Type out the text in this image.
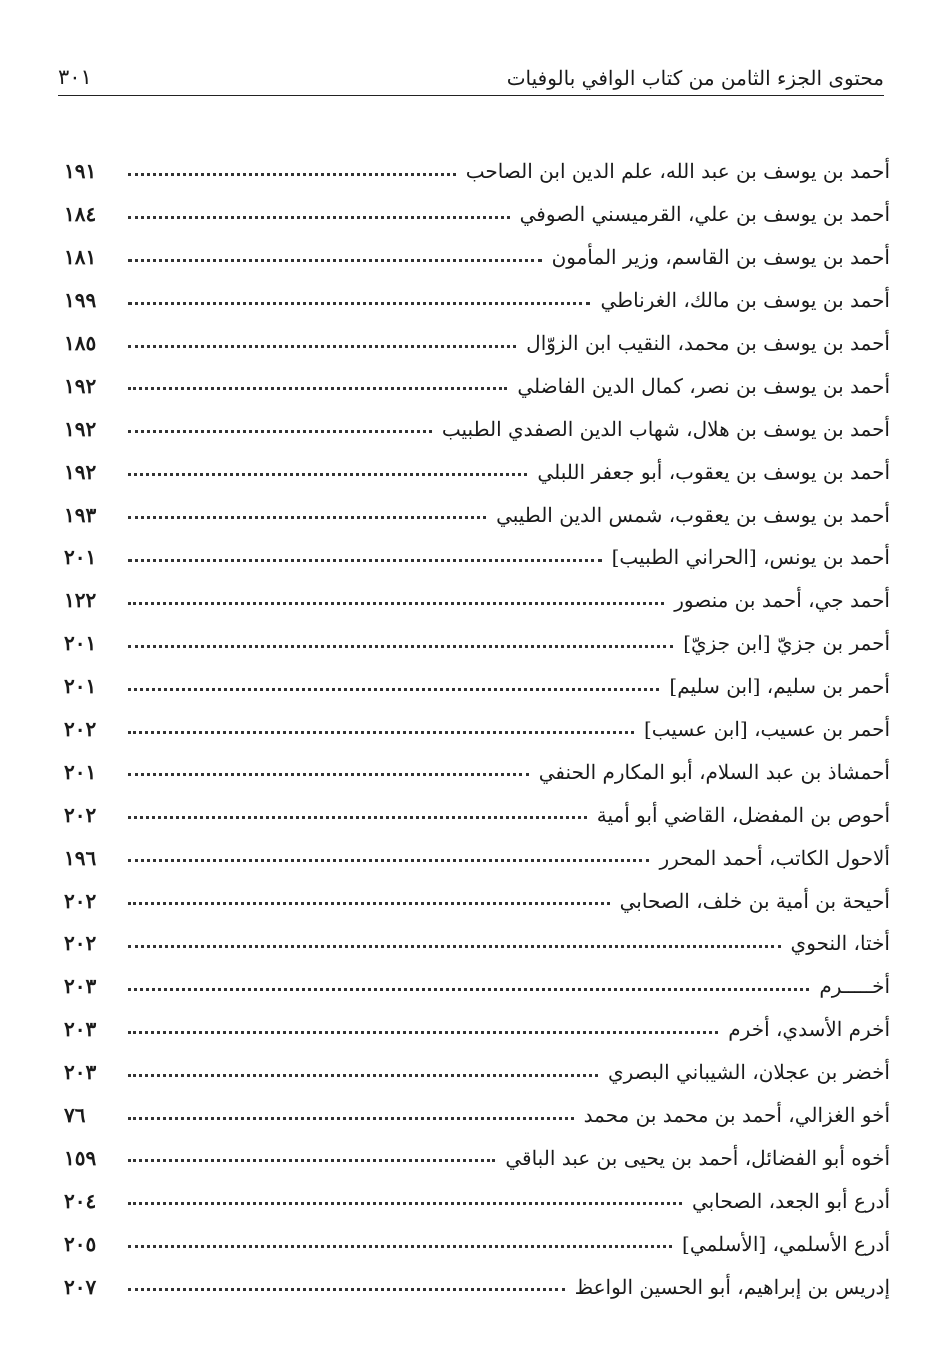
محتوى الجزء الثامن من كتاب الوافي بالوفيات
٣٠١
أحمد بن يوسف بن عبد الله، علم الدين ابن الصاحب
١٩١
أحمد بن يوسف بن علي، القرميسني الصوفي
١٨٤
أحمد بن يوسف بن القاسم، وزير المأمون
١٨١
أحمد بن يوسف بن مالك، الغرناطي
١٩٩
أحمد بن يوسف بن محمد، النقيب ابن الزوّال
١٨٥
أحمد بن يوسف بن نصر، كمال الدين الفاضلي
١٩٢
أحمد بن يوسف بن هلال، شهاب الدين الصفدي الطبيب
١٩٢
أحمد بن يوسف بن يعقوب، أبو جعفر اللبلي
١٩٢
أحمد بن يوسف بن يعقوب، شمس الدين الطيبي
١٩٣
أحمد بن يونس، [الحراني الطبيب]
٢٠١
أحمد جي، أحمد بن منصور
١٢٢
أحمر بن جزيّ [ابن جزيّ]
٢٠١
أحمر بن سليم، [ابن سليم]
٢٠١
أحمر بن عسيب، [ابن عسيب]
٢٠٢
أحمشاذ بن عبد السلام، أبو المكارم الحنفي
٢٠١
أحوص بن المفضل، القاضي أبو أمية
٢٠٢
ألاحول الكاتب، أحمد المحرر
١٩٦
أحيحة بن أمية بن خلف، الصحابي
٢٠٢
أختا، النحوي
٢٠٢
أخـــــرم
٢٠٣
أخرم الأسدي، أخرم
٢٠٣
أخضر بن عجلان، الشيباني البصري
٢٠٣
أخو الغزالي، أحمد بن محمد بن محمد
٧٦
أخوه أبو الفضائل، أحمد بن يحيى بن عبد الباقي
١٥٩
أدرع أبو الجعد، الصحابي
٢٠٤
أدرع الأسلمي، [الأسلمي]
٢٠٥
إدريس بن إبراهيم، أبو الحسين الواعظ
٢٠٧
